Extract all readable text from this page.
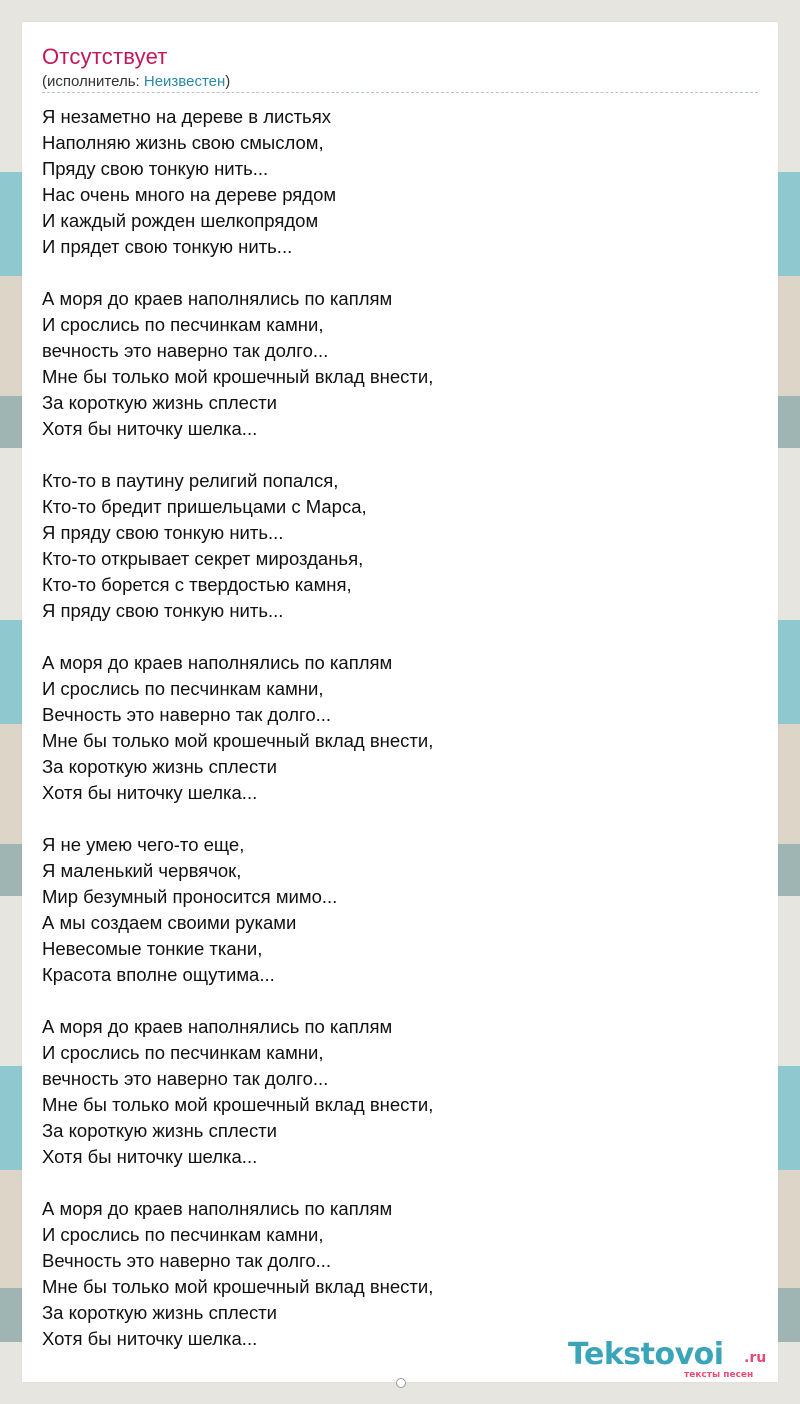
Отсутствует
(исполнитель: Неизвестен)
Я незаметно на дереве в листьях
Наполняю жизнь свою смыслом,
Пряду свою тонкую нить...
Нас очень много на дереве рядом
И каждый рожден шелкопрядом
И прядет свою тонкую нить...
А моря до краев наполнялись по каплям
И срослись по песчинкам камни,
вечность это наверно так долго...
Мне бы только мой крошечный вклад внести,
За короткую жизнь сплести
Хотя бы ниточку шелка...
Кто-то в паутину религий попался,
Кто-то бредит пришельцами с Марса,
Я пряду свою тонкую нить...
Кто-то открывает секрет мирозданья,
Кто-то борется с твердостью камня,
Я пряду свою тонкую нить...
А моря до краев наполнялись по каплям
И срослись по песчинкам камни,
Вечность это наверно так долго...
Мне бы только мой крошечный вклад внести,
За короткую жизнь сплести
Хотя бы ниточку шелка...
Я не умею чего-то еще,
Я маленький червячок,
Мир безумный проносится мимо...
А мы создаем своими руками
Невесомые тонкие ткани,
Красота вполне ощутима...
А моря до краев наполнялись по каплям
И срослись по песчинкам камни,
вечность это наверно так долго...
Мне бы только мой крошечный вклад внести,
За короткую жизнь сплести
Хотя бы ниточку шелка...
А моря до краев наполнялись по каплям
И срослись по песчинкам камни,
Вечность это наверно так долго...
Мне бы только мой крошечный вклад внести,
За короткую жизнь сплести
Хотя бы ниточку шелка...	Tekstovoi .ru
тексты песен
